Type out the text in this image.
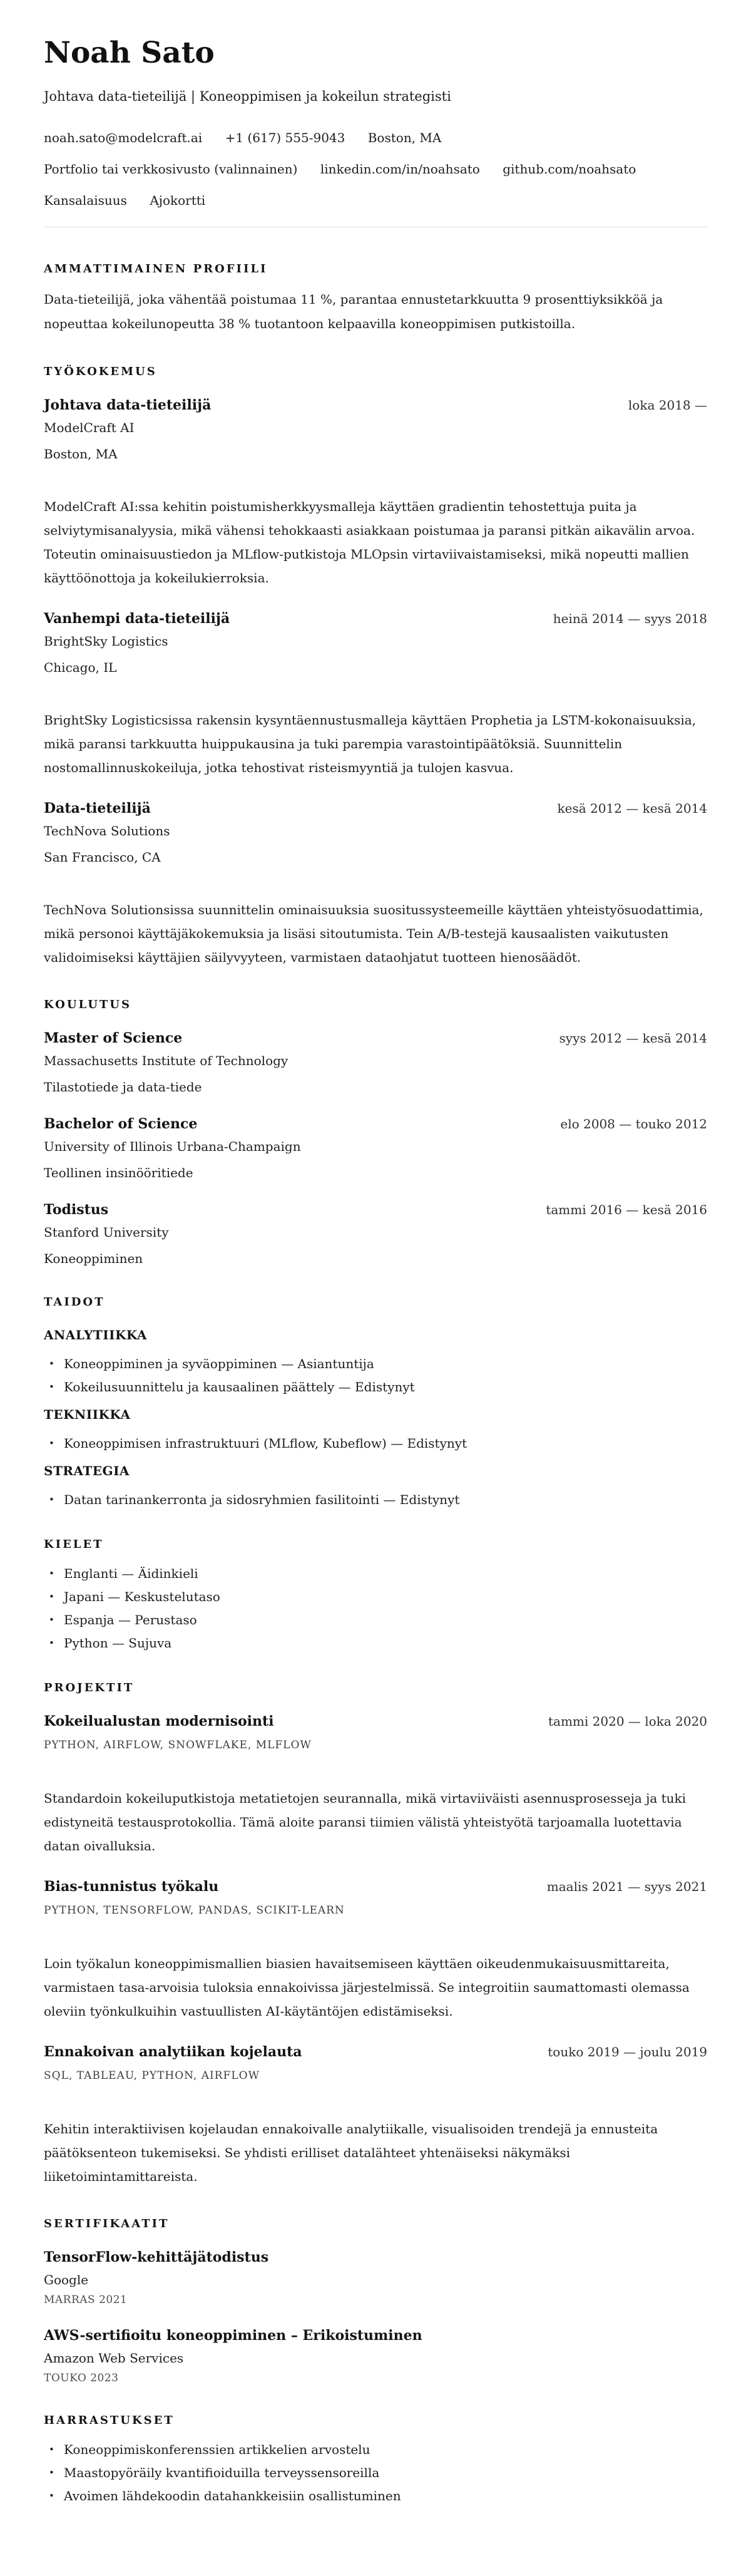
Noah Sato
Johtava data-tieteilijä | Koneoppimisen ja kokeilun strategisti
noah.sato@modelcraft.ai +1 (617) 555-9043 Boston, MA
Portfolio tai verkkosivusto (valinnainen) linkedin.com/in/noahsato github.com/noahsato
Kansalaisuus Ajokortti
AMMATTIMAINEN PROFIILI

Data-tieteilijä, joka vähentää poistumaa 11 %, parantaa ennustetarkkuutta 9 prosenttiyksikköä ja nopeuttaa kokeilunopeutta 38 % tuotantoon kelpaavilla koneoppimisen putkistoilla.

TYÖKOKEMUS
Johtava data-tieteilijä	loka 2018 —
ModelCraft AI
Boston, MA

ModelCraft AI:ssa kehitin poistumisherkkyysmalleja käyttäen gradientin tehostettuja puita ja selviytymisanalyysia, mikä vähensi tehokkaasti asiakkaan poistumaa ja paransi pitkän aikavälin arvoa. Toteutin ominaisuustiedon ja MLflow-putkistoja MLOpsin virtaviivaistamiseksi, mikä nopeutti mallien käyttöönottoja ja kokeilukierroksia.

Vanhempi data-tieteilijä	heinä 2014 — syys 2018
BrightSky Logistics
Chicago, IL

BrightSky Logisticsissa rakensin kysyntäennustusmalleja käyttäen Prophetia ja LSTM-kokonaisuuksia, mikä paransi tarkkuutta huippukausina ja tuki parempia varastointipäätöksiä. Suunnittelin nostomallinnuskokeiluja, jotka tehostivat risteismyyntiä ja tulojen kasvua.

Data-tieteilijä	kesä 2012 — kesä 2014
TechNova Solutions
San Francisco, CA

TechNova Solutionsissa suunnittelin ominaisuuksia suositussysteemeille käyttäen yhteistyösuodattimia, mikä personoi käyttäjäkokemuksia ja lisäsi sitoutumista. Tein A/B-testejä kausaalisten vaikutusten validoimiseksi käyttäjien säilyvyyteen, varmistaen dataohjatut tuotteen hienosäädöt.

KOULUTUS
Master of Science	syys 2012 — kesä 2014
Massachusetts Institute of Technology
Tilastotiede ja data-tiede
Bachelor of Science	elo 2008 — touko 2012
University of Illinois Urbana-Champaign
Teollinen insinööritiede
Todistus	tammi 2016 — kesä 2016
Stanford University
Koneoppiminen
TAIDOT
ANALYTIIKKA
• Koneoppiminen ja syväoppiminen — Asiantuntija
• Kokeilusuunnittelu ja kausaalinen päättely — Edistynyt
TEKNIIKKA
• Koneoppimisen infrastruktuuri (MLflow, Kubeflow) — Edistynyt
STRATEGIA
• Datan tarinankerronta ja sidosryhmien fasilitointi — Edistynyt
KIELET
• Englanti — Äidinkieli
• Japani — Keskustelutaso
• Espanja — Perustaso
• Python — Sujuva
PROJEKTIT
Kokeilualustan modernisointi	tammi 2020 — loka 2020
PYTHON, AIRFLOW, SNOWFLAKE, MLFLOW

Standardoin kokeiluputkistoja metatietojen seurannalla, mikä virtaviiväisti asennusprosesseja ja tuki edistyneitä testausprotokollia. Tämä aloite paransi tiimien välistä yhteistyötä tarjoamalla luotettavia datan oivalluksia.

Bias-tunnistus työkalu	maalis 2021 — syys 2021
PYTHON, TENSORFLOW, PANDAS, SCIKIT-LEARN

Loin työkalun koneoppimismallien biasien havaitsemiseen käyttäen oikeudenmukaisuusmittareita, varmistaen tasa-arvoisia tuloksia ennakoivissa järjestelmissä. Se integroitiin saumattomasti olemassa oleviin työnkulkuihin vastuullisten AI-käytäntöjen edistämiseksi.

Ennakoivan analytiikan kojelauta	touko 2019 — joulu 2019
SQL, TABLEAU, PYTHON, AIRFLOW

Kehitin interaktiivisen kojelaudan ennakoivalle analytiikalle, visualisoiden trendejä ja ennusteita päätöksenteon tukemiseksi. Se yhdisti erilliset datalähteet yhtenäiseksi näkymäksi liiketoimintamittareista.

SERTIFIKAATIT
TensorFlow-kehittäjätodistus
Google
MARRAS 2021
AWS-sertifioitu koneoppiminen – Erikoistuminen
Amazon Web Services
TOUKO 2023
HARRASTUKSET
• Koneoppimiskonferenssien artikkelien arvostelu
• Maastopyöräily kvantifioiduilla terveyssensoreilla
• Avoimen lähdekoodin datahankkeisiin osallistuminen
